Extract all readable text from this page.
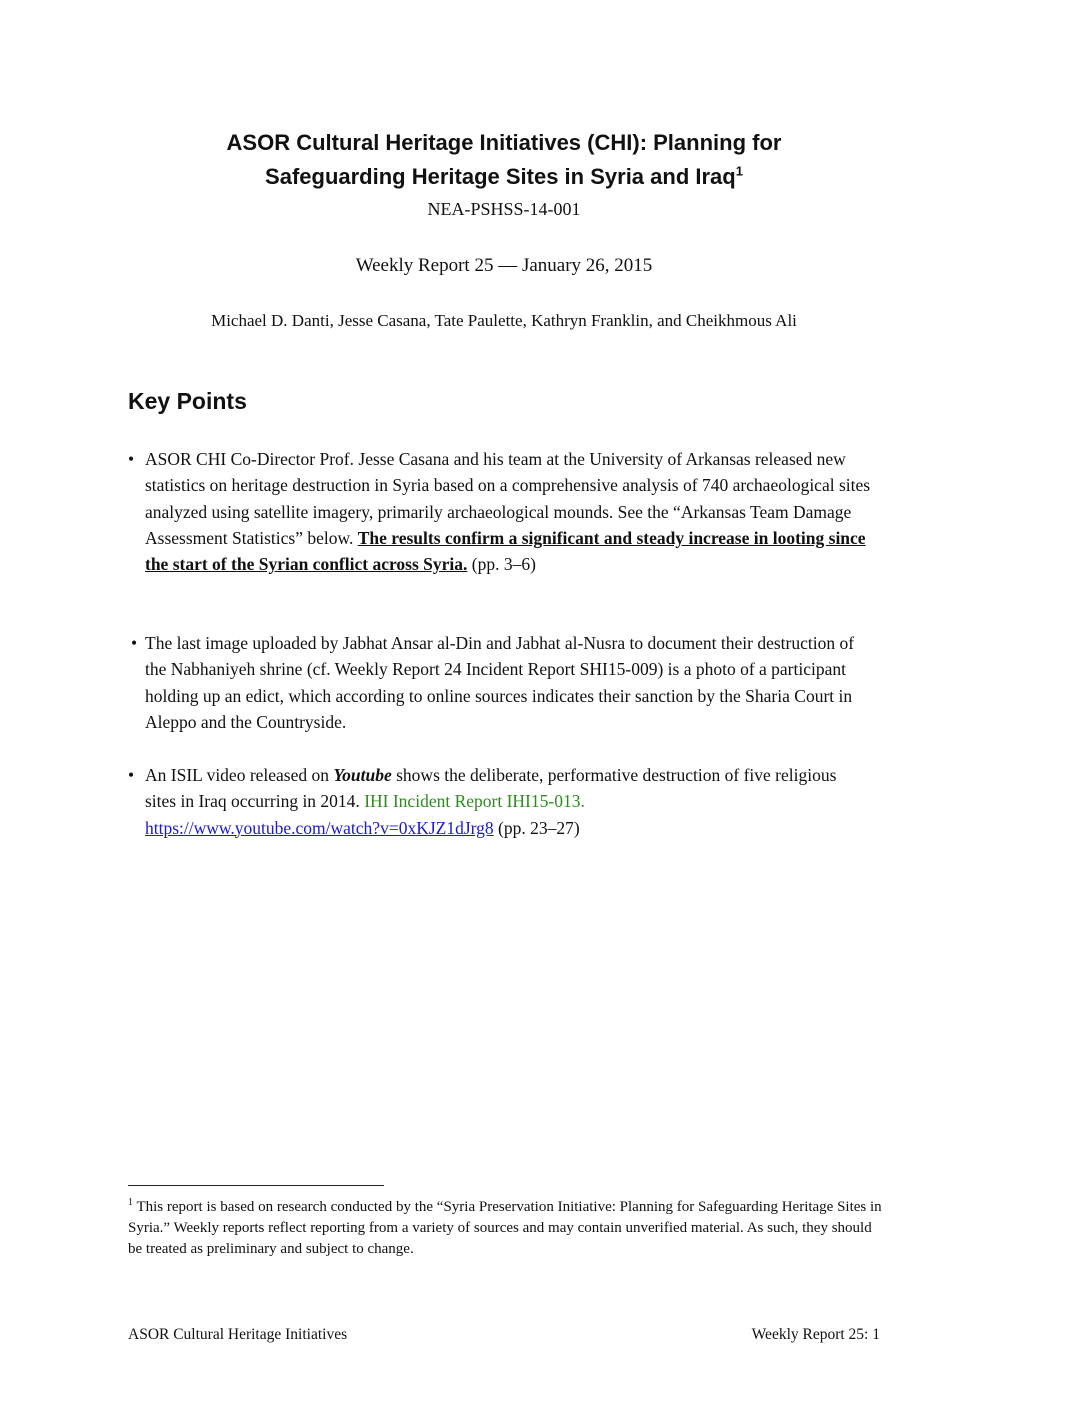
ASOR Cultural Heritage Initiatives (CHI): Planning for
Safeguarding Heritage Sites in Syria and Iraq$^1$
NEA-PSHSS-14-001
Weekly Report 25 — January 26, 2015
Michael D. Danti, Jesse Casana, Tate Paulette, Kathryn Franklin, and Cheikhmous Ali
Key Points
• ASOR CHI Co-Director Prof. Jesse Casana and his team at the University of Arkansas released new statistics on heritage destruction in Syria based on a comprehensive analysis of 740 archaeological sites analyzed using satellite imagery, primarily archaeological mounds. See the “Arkansas Team Damage Assessment Statistics” below. The results confirm a significant and steady increase in looting since the start of the Syrian conflict across Syria. (pp. 3–6)
• The last image uploaded by Jabhat Ansar al-Din and Jabhat al-Nusra to document their destruction of the Nabhaniyeh shrine (cf. Weekly Report 24 Incident Report SHI15-009) is a photo of a participant holding up an edict, which according to online sources indicates their sanction by the Sharia Court in Aleppo and the Countryside.
• An ISIL video released on Youtube shows the deliberate, performative destruction of five religious sites in Iraq occurring in 2014. IHI Incident Report IHI15-013.
https://www.youtube.com/watch?v=0xKJZ1dJrg8 (pp. 23–27)
$^1$ This report is based on research conducted by the “Syria Preservation Initiative: Planning for Safeguarding Heritage Sites in Syria.” Weekly reports reflect reporting from a variety of sources and may contain unverified material. As such, they should be treated as preliminary and subject to change.
ASOR Cultural Heritage Initiatives	Weekly Report 25: 1
